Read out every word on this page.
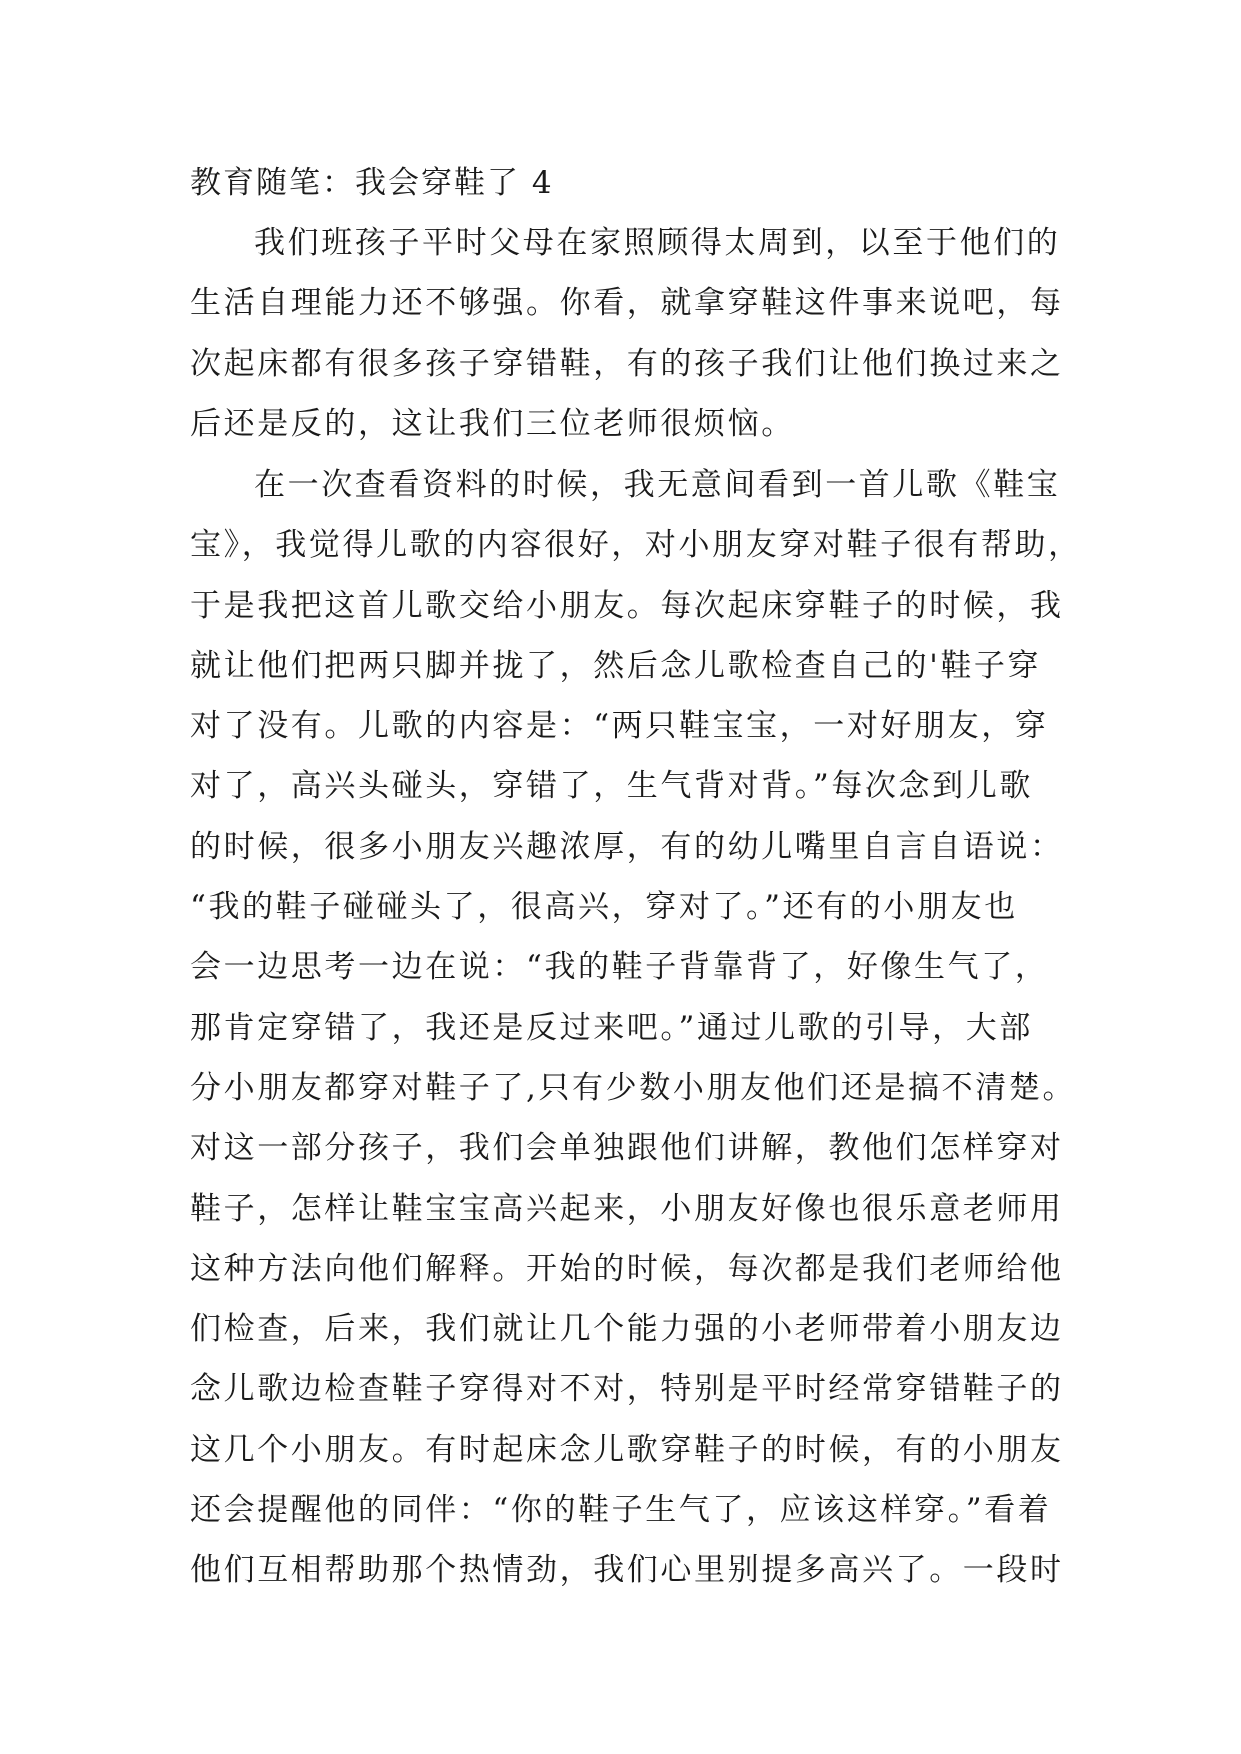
教育随笔：我会穿鞋了 4
我们班孩子平时父母在家照顾得太周到，以至于他们的
生活自理能力还不够强。你看，就拿穿鞋这件事来说吧，每
次起床都有很多孩子穿错鞋，有的孩子我们让他们换过来之
后还是反的，这让我们三位老师很烦恼。
在一次查看资料的时候，我无意间看到一首儿歌《鞋宝
宝》，我觉得儿歌的内容很好，对小朋友穿对鞋子很有帮助，
于是我把这首儿歌交给小朋友。每次起床穿鞋子的时候，我
就让他们把两只脚并拢了，然后念儿歌检查自己的'鞋子穿
对了没有。儿歌的内容是：“两只鞋宝宝，一对好朋友，穿
对了，高兴头碰头，穿错了，生气背对背。”每次念到儿歌
的时候，很多小朋友兴趣浓厚，有的幼儿嘴里自言自语说：
“我的鞋子碰碰头了，很高兴，穿对了。”还有的小朋友也
会一边思考一边在说：“我的鞋子背靠背了，好像生气了，
那肯定穿错了，我还是反过来吧。”通过儿歌的引导，大部
分小朋友都穿对鞋子了,只有少数小朋友他们还是搞不清楚。
对这一部分孩子，我们会单独跟他们讲解，教他们怎样穿对
鞋子，怎样让鞋宝宝高兴起来，小朋友好像也很乐意老师用
这种方法向他们解释。开始的时候，每次都是我们老师给他
们检查，后来，我们就让几个能力强的小老师带着小朋友边
念儿歌边检查鞋子穿得对不对，特别是平时经常穿错鞋子的
这几个小朋友。有时起床念儿歌穿鞋子的时候，有的小朋友
还会提醒他的同伴：“你的鞋子生气了，应该这样穿。”看着
他们互相帮助那个热情劲，我们心里别提多高兴了。一段时
